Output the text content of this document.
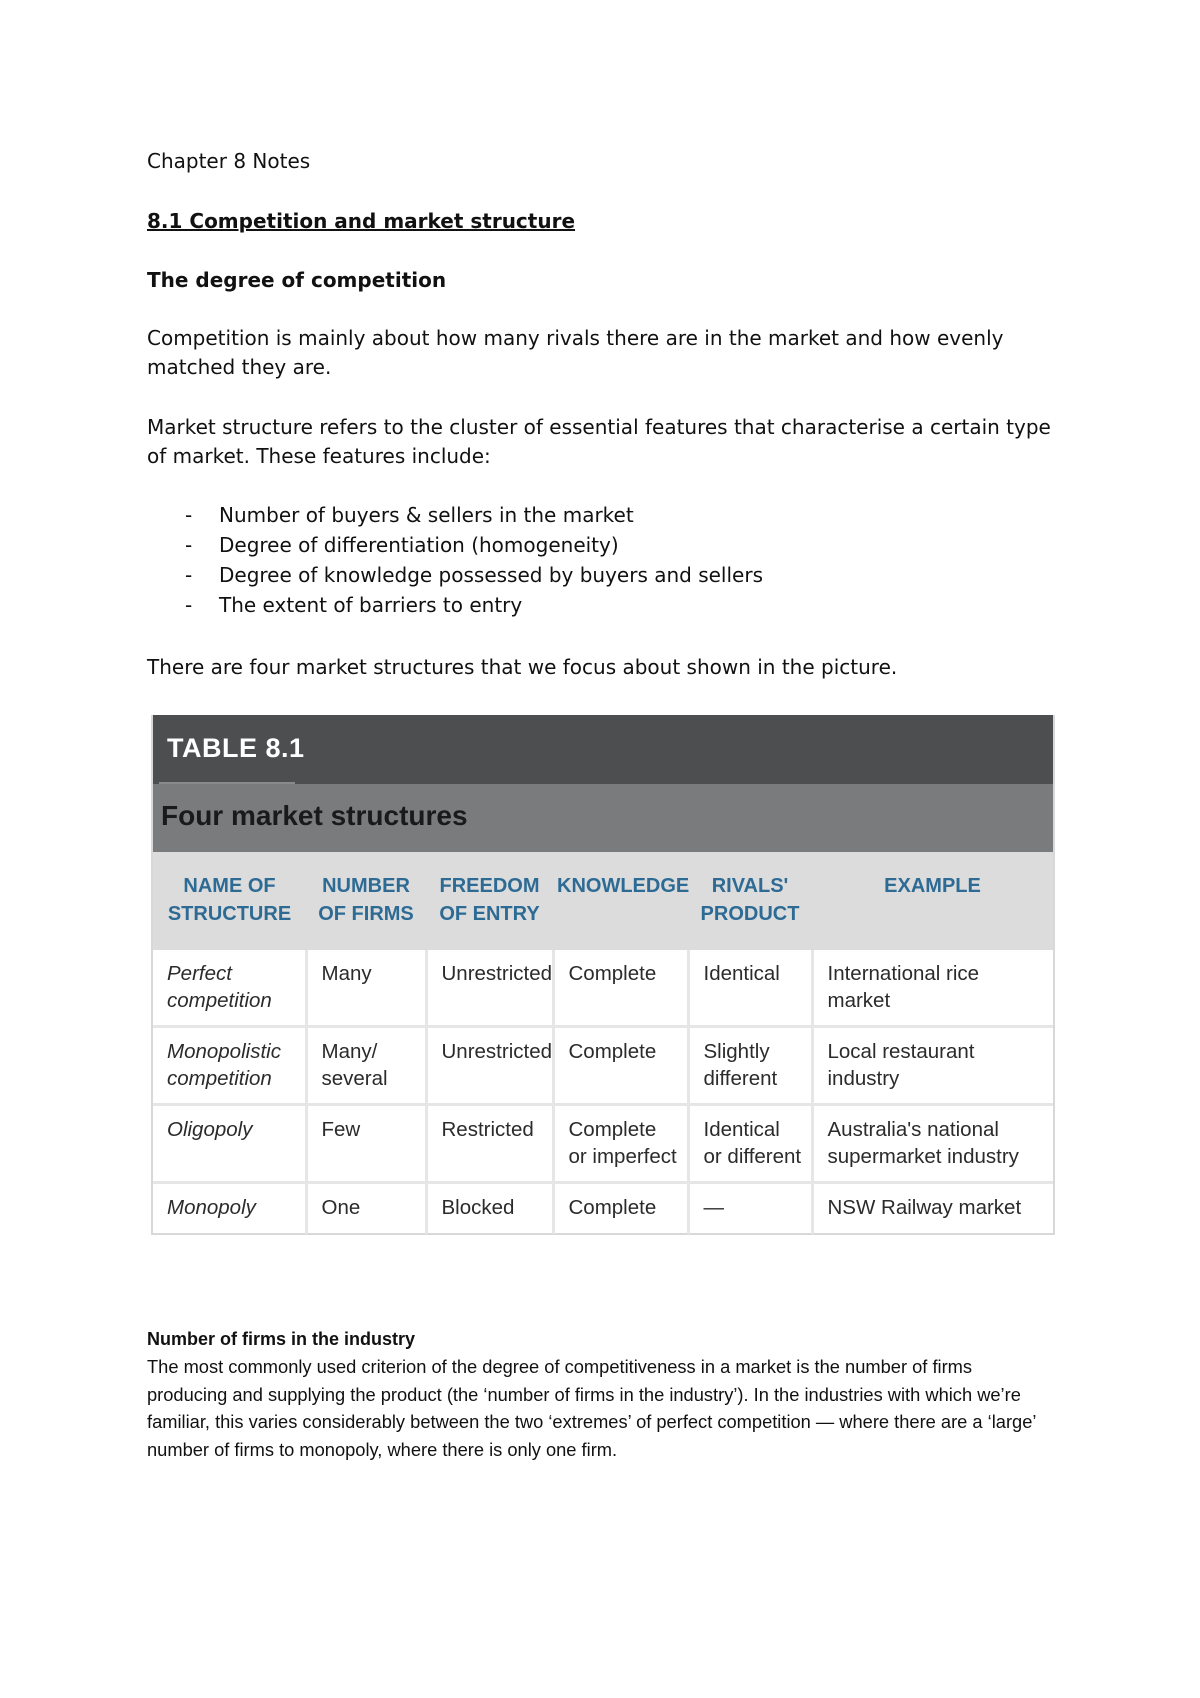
Chapter 8 Notes
8.1 Competition and market structure
The degree of competition
Competition is mainly about how many rivals there are in the market and how evenly matched they are.
Market structure refers to the cluster of essential features that characterise a certain type of market. These features include:
- Number of buyers & sellers in the market
- Degree of differentiation (homogeneity)
- Degree of knowledge possessed by buyers and sellers
- The extent of barriers to entry
There are four market structures that we focus about shown in the picture.
Number of firms in the industry
The most commonly used criterion of the degree of competitiveness in a market is the number of firms producing and supplying the product (the ‘number of firms in the industry’). In the industries with which we’re familiar, this varies considerably between the two ‘extremes’ of perfect competition — where there are a ‘large’ number of firms to monopoly, where there is only one firm.
TABLE 8.1
Four market structures
NAME OF STRUCTURE	NUMBER OF FIRMS	FREEDOM OF ENTRY	KNOWLEDGE	RIVALS' PRODUCT	EXAMPLE
Perfect competition	Many	Unrestricted	Complete	Identical	International rice market
Monopolistic competition	Many/ several	Unrestricted	Complete	Slightly different	Local restaurant industry
Oligopoly	Few	Restricted	Complete or imperfect	Identical or different	Australia's national supermarket industry
Monopoly	One	Blocked	Complete	—	NSW Railway market
